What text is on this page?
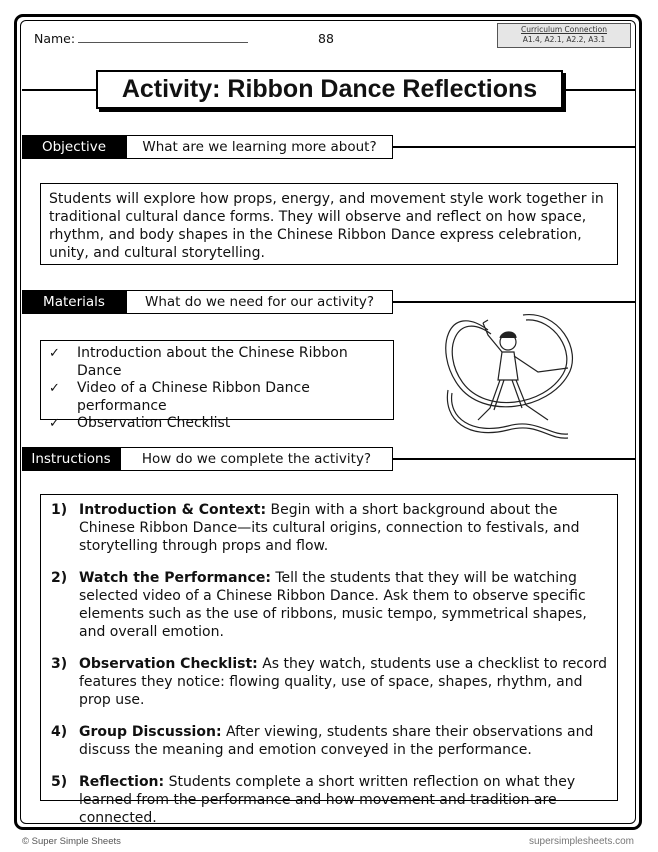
Name:	88
Curriculum Connection
A1.4, A2.1, A2.2, A3.1
Activity: Ribbon Dance Reflections
Objective	What are we learning more about?
Students will explore how props, energy, and movement style work together in traditional cultural dance forms. They will observe and reflect on how space, rhythm, and body shapes in the Chinese Ribbon Dance express celebration, unity, and cultural storytelling.
Materials	What do we need for our activity?
✓	Introduction about the Chinese Ribbon Dance
✓	Video of a Chinese Ribbon Dance performance
✓	Observation Checklist
Instructions	How do we complete the activity?
1) Introduction & Context: Begin with a short background about the Chinese Ribbon Dance—its cultural origins, connection to festivals, and storytelling through props and flow.
2) Watch the Performance: Tell the students that they will be watching selected video of a Chinese Ribbon Dance. Ask them to observe specific elements such as the use of ribbons, music tempo, symmetrical shapes, and overall emotion.
3) Observation Checklist: As they watch, students use a checklist to record features they notice: flowing quality, use of space, shapes, rhythm, and prop use.
4) Group Discussion: After viewing, students share their observations and discuss the meaning and emotion conveyed in the performance.
5) Reflection: Students complete a short written reflection on what they learned from the performance and how movement and tradition are connected.
© Super Simple Sheets	supersimplesheets.com
